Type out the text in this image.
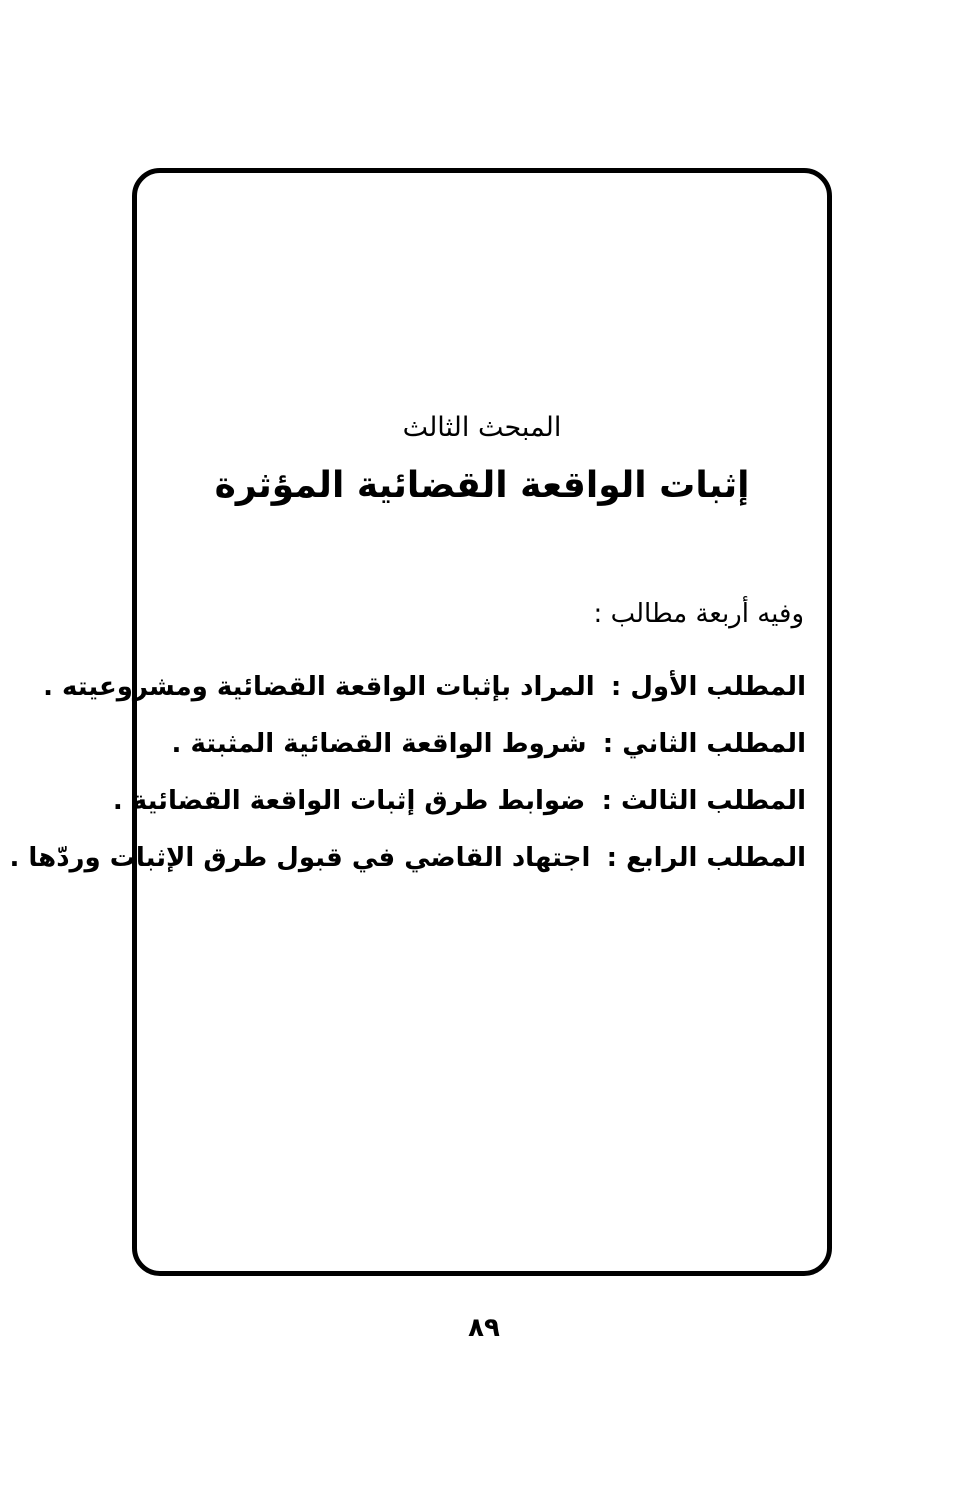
المبحث الثالث
إثبات الواقعة القضائية المؤثرة
وفيه أربعة مطالب :
المطلب الأول : المراد بإثبات الواقعة القضائية ومشروعيته .
المطلب الثاني : شروط الواقعة القضائية المثبتة .
المطلب الثالث : ضوابط طرق إثبات الواقعة القضائية .
المطلب الرابع : اجتهاد القاضي في قبول طرق الإثبات وردّها .
٨٩
